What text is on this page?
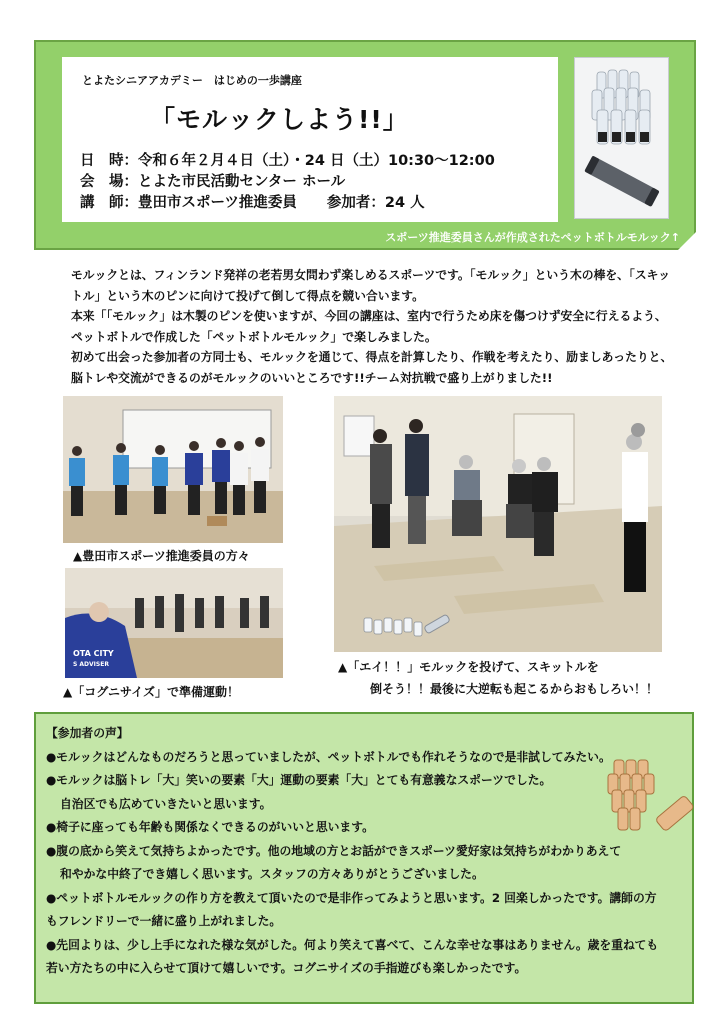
とよたシニアアカデミー　はじめの一歩講座
「モルックしよう!!」
日　時：令和６年２月４日（土）・24 日（土）10:30～12:00
会　場：とよた市民活動センター ホール
講　師：豊田市スポーツ推進委員 参加者：24 人
スポーツ推進委員さんが作成されたペットボトルモルック↑

モルックとは、フィンランド発祥の老若男女問わず楽しめるスポーツです。「モルック」という木の棒を、「スキットル」という木のピンに向けて投げて倒して得点を競い合います。

本来「「モルック」は木製のピンを使いますが、今回の講座は、室内で行うため床を傷つけず安全に行えるよう、ペットボトルで作成した「ペットボトルモルック」で楽しみました。

初めて出会った参加者の方同士も、モルックを通じて、得点を計算したり、作戦を考えたり、励ましあったりと、脳トレや交流ができるのがモルックのいいところです!!チーム対抗戦で盛り上がりました!!

▲豊田市スポーツ推進委員の方々
OTA CITY
S ADVISER
▲「コグニサイズ」で準備運動！
▲「エイ！！」モルックを投げて、スキットルを
倒そう！！最後に大逆転も起こるからおもしろい！！
【参加者の声】
●モルックはどんなものだろうと思っていましたが、ペットボトルでも作れそうなので是非試してみたい。
●モルックは脳トレ「大」笑いの要素「大」運動の要素「大」とても有意義なスポーツでした。
自治区でも広めていきたいと思います。
●椅子に座っても年齢も関係なくできるのがいいと思います。
●腹の底から笑えて気持ちよかったです。他の地域の方とお話ができスポーツ愛好家は気持ちがわかりあえて
和やかな中終了でき嬉しく思います。スタッフの方々ありがとうございました。
●ペットボトルモルックの作り方を教えて頂いたので是非作ってみようと思います。2 回楽しかったです。講師の方
もフレンドリーで一緒に盛り上がれました。
●先回よりは、少し上手になれた様な気がした。何より笑えて喜べて、こんな幸せな事はありません。歳を重ねても
若い方たちの中に入らせて頂けて嬉しいです。コグニサイズの手指遊びも楽しかったです。
